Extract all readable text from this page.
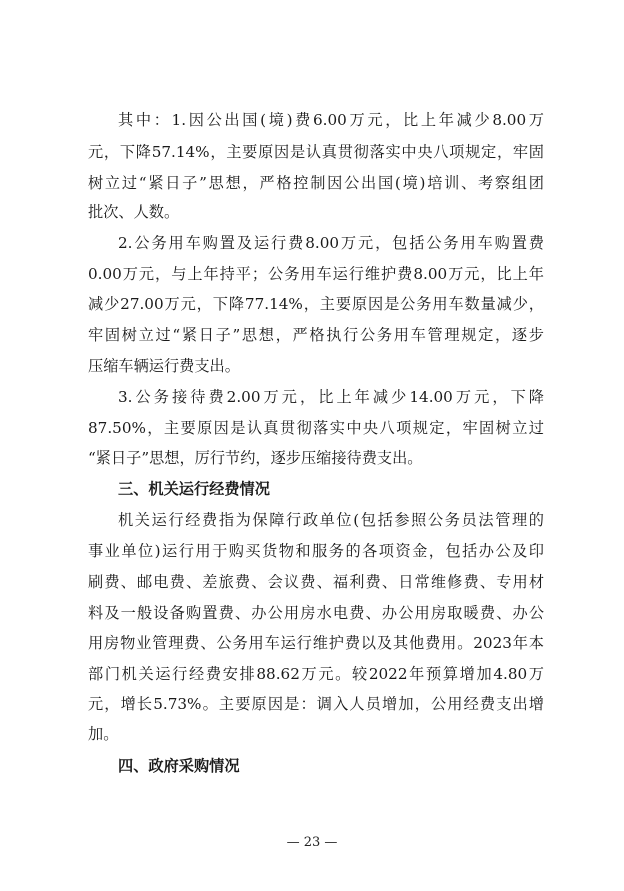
其中：1.因公出国(境)费6.00万元，比上年减少8.00万
元，下降57.14%，主要原因是认真贯彻落实中央八项规定，牢固
树立过“紧日子”思想，严格控制因公出国(境)培训、考察组团
批次、人数。
2.公务用车购置及运行费8.00万元，包括公务用车购置费
0.00万元，与上年持平；公务用车运行维护费8.00万元，比上年
减少27.00万元，下降77.14%，主要原因是公务用车数量减少，
牢固树立过“紧日子”思想，严格执行公务用车管理规定，逐步
压缩车辆运行费支出。
3.公务接待费2.00万元，比上年减少14.00万元，下降
87.50%，主要原因是认真贯彻落实中央八项规定，牢固树立过
“紧日子”思想，厉行节约，逐步压缩接待费支出。
三、机关运行经费情况
机关运行经费指为保障行政单位(包括参照公务员法管理的
事业单位)运行用于购买货物和服务的各项资金，包括办公及印
刷费、邮电费、差旅费、会议费、福利费、日常维修费、专用材
料及一般设备购置费、办公用房水电费、办公用房取暖费、办公
用房物业管理费、公务用车运行维护费以及其他费用。2023年本
部门机关运行经费安排88.62万元。较2022年预算增加4.80万
元，增长5.73%。主要原因是：调入人员增加，公用经费支出增
加。
四、政府采购情况
— 23 —
